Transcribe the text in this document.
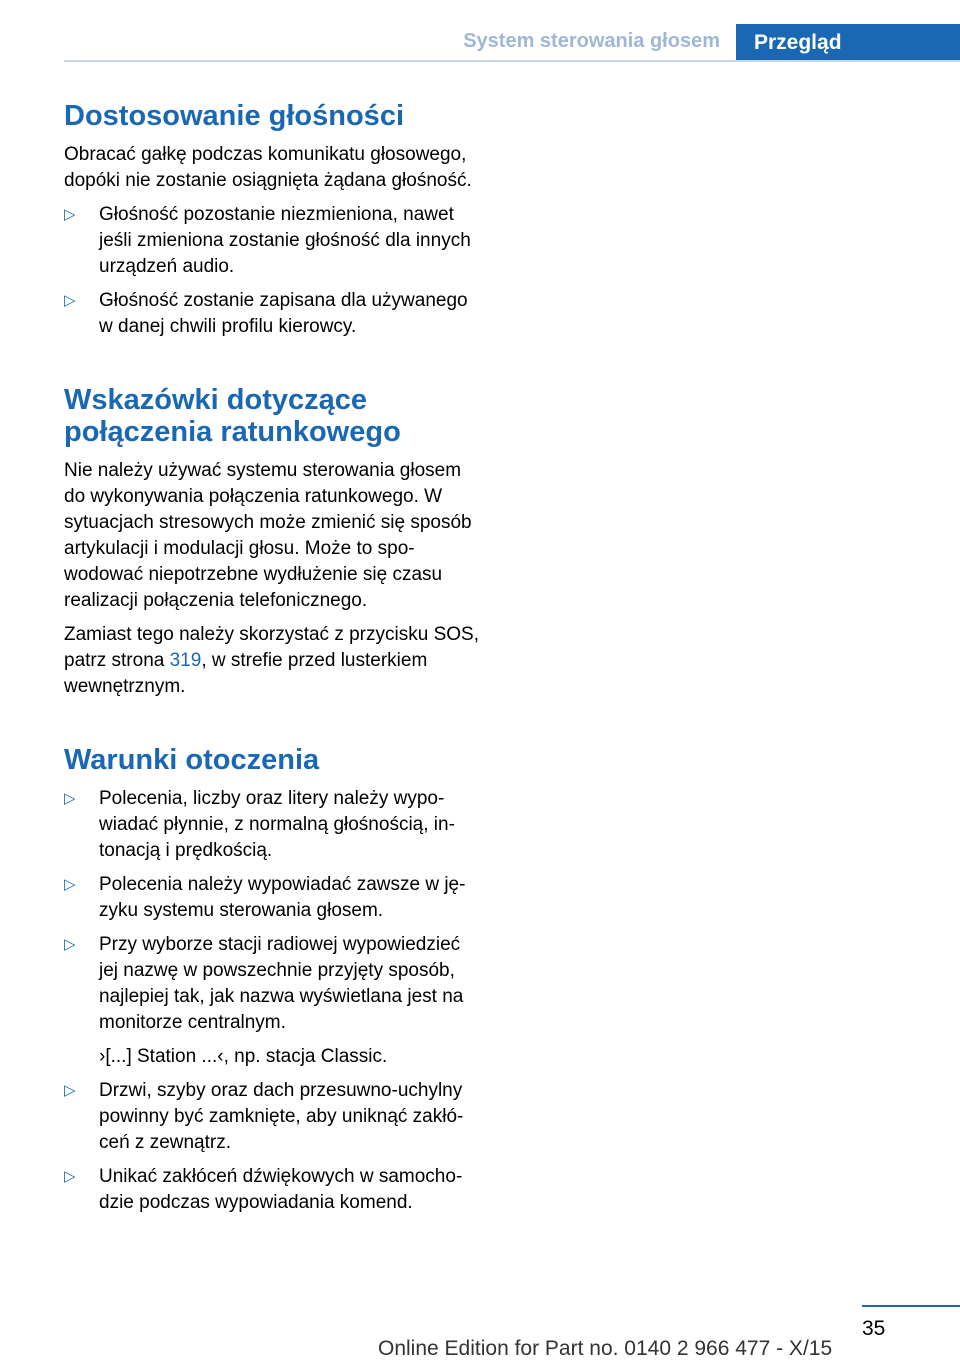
System sterowania głosem	Przegląd
Dostosowanie głośności

Obracać gałkę podczas komunikatu głosowego, dopóki nie zostanie osiągnięta żądana głośność.

▷ Głośność pozostanie niezmieniona, nawet jeśli zmieniona zostanie głośność dla innych urządzeń audio.
▷ Głośność zostanie zapisana dla używanego w danej chwili profilu kierowcy.
Wskazówki dotyczące połączenia ratunkowego

Nie należy używać systemu sterowania głosem do wykonywania połączenia ratunkowego. W sytuacjach stresowych może zmienić się sposób artykulacji i modulacji głosu. Może to spowodować niepotrzebne wydłużenie się czasu realizacji połączenia telefonicznego.

Zamiast tego należy skorzystać z przycisku SOS, patrz strona 319, w strefie przed lusterkiem wewnętrznym.

Warunki otoczenia
▷ Polecenia, liczby oraz litery należy wypowiadać płynnie, z normalną głośnością, intonacją i prędkością.
▷ Polecenia należy wypowiadać zawsze w języku systemu sterowania głosem.
▷ Przy wyborze stacji radiowej wypowiedzieć jej nazwę w powszechnie przyjęty sposób, najlepiej tak, jak nazwa wyświetlana jest na monitorze centralnym.
›[...] Station ...‹, np. stacja Classic.
▷ Drzwi, szyby oraz dach przesuwno-uchylny powinny być zamknięte, aby uniknąć zakłóceń z zewnątrz.
▷ Unikać zakłóceń dźwiękowych w samochodzie podczas wypowiadania komend.
35
Online Edition for Part no. 0140 2 966 477 - X/15
